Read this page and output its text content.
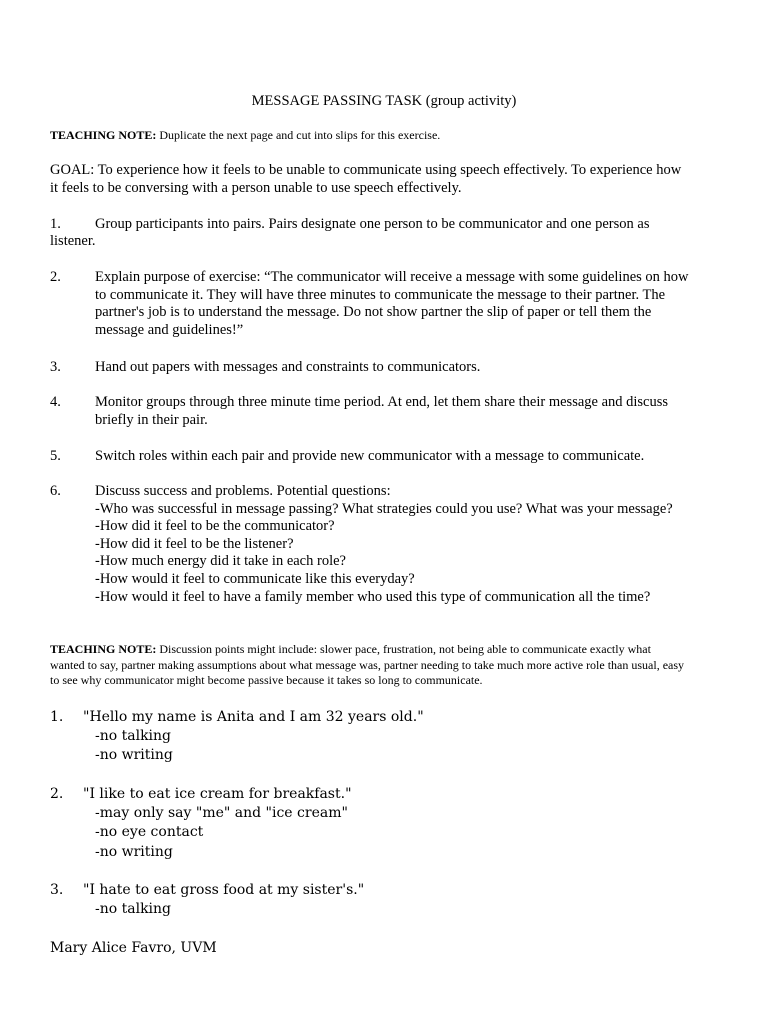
MESSAGE PASSING TASK (group activity)
TEACHING NOTE: Duplicate the next page and cut into slips for this exercise.
GOAL: To experience how it feels to be unable to communicate using speech effectively. To experience how
it feels to be conversing with a person unable to use speech effectively.
1. Group participants into pairs. Pairs designate one person to be communicator and one person as
listener.
2. Explain purpose of exercise: “The communicator will receive a message with some guidelines on how
to communicate it. They will have three minutes to communicate the message to their partner. The
partner's job is to understand the message. Do not show partner the slip of paper or tell them the
message and guidelines!”
3. Hand out papers with messages and constraints to communicators.
4. Monitor groups through three minute time period. At end, let them share their message and discuss
briefly in their pair.
5. Switch roles within each pair and provide new communicator with a message to communicate.
6. Discuss success and problems. Potential questions:
-Who was successful in message passing? What strategies could you use? What was your message?
-How did it feel to be the communicator?
-How did it feel to be the listener?
-How much energy did it take in each role?
-How would it feel to communicate like this everyday?
-How would it feel to have a family member who used this type of communication all the time?
TEACHING NOTE: Discussion points might include: slower pace, frustration, not being able to communicate exactly what
wanted to say, partner making assumptions about what message was, partner needing to take much more active role than usual, easy
to see why communicator might become passive because it takes so long to communicate.
1. "Hello my name is Anita and I am 32 years old."
-no talking
-no writing
2. "I like to eat ice cream for breakfast."
-may only say "me" and "ice cream"
-no eye contact
-no writing
3. "I hate to eat gross food at my sister's."
-no talking
Mary Alice Favro, UVM
